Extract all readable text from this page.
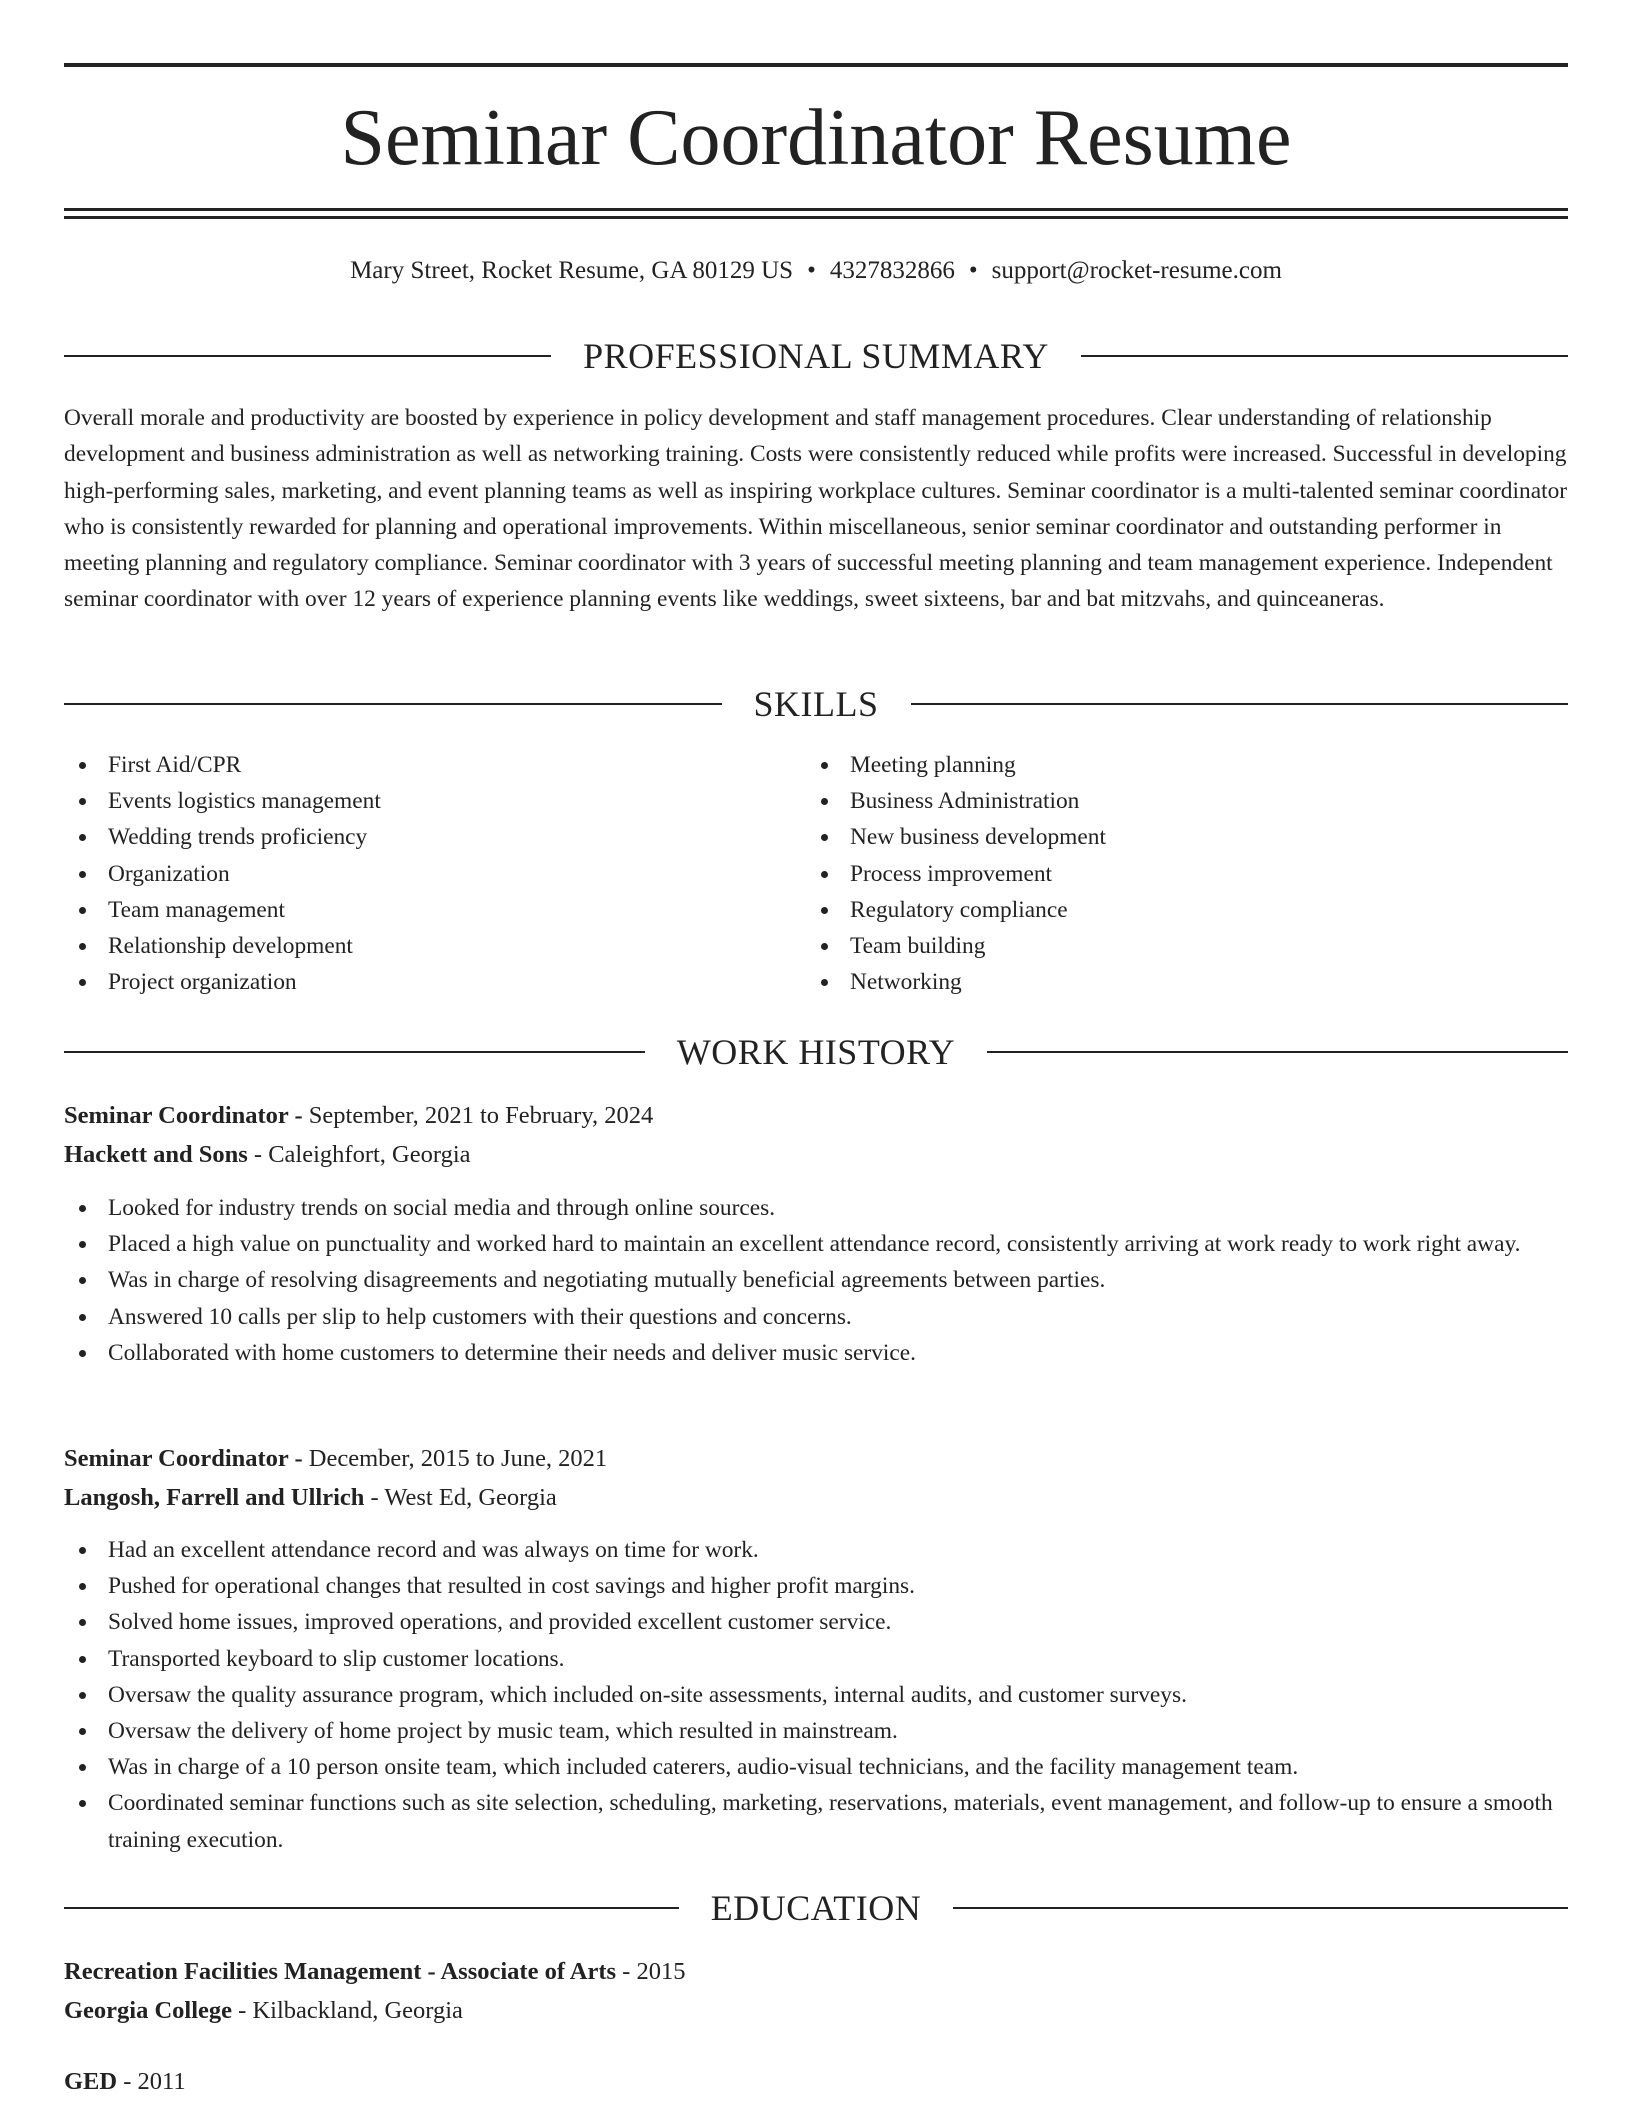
Seminar Coordinator Resume
Mary Street, Rocket Resume, GA 80129 US • 4327832866 • support@rocket-resume.com
PROFESSIONAL SUMMARY

Overall morale and productivity are boosted by experience in policy development and staff management procedures. Clear understanding of relationship development and business administration as well as networking training. Costs were consistently reduced while profits were increased. Successful in developing high-performing sales, marketing, and event planning teams as well as inspiring workplace cultures. Seminar coordinator is a multi-talented seminar coordinator who is consistently rewarded for planning and operational improvements. Within miscellaneous, senior seminar coordinator and outstanding performer in meeting planning and regulatory compliance. Seminar coordinator with 3 years of successful meeting planning and team management experience. Independent seminar coordinator with over 12 years of experience planning events like weddings, sweet sixteens, bar and bat mitzvahs, and quinceaneras.

SKILLS
First Aid/CPR
Events logistics management
Wedding trends proficiency
Organization
Team management
Relationship development
Project organization
Meeting planning
Business Administration
New business development
Process improvement
Regulatory compliance
Team building
Networking
WORK HISTORY
Seminar Coordinator - September, 2021 to February, 2024
Hackett and Sons - Caleighfort, Georgia
Looked for industry trends on social media and through online sources.
Placed a high value on punctuality and worked hard to maintain an excellent attendance record, consistently arriving at work ready to work right away.
Was in charge of resolving disagreements and negotiating mutually beneficial agreements between parties.
Answered 10 calls per slip to help customers with their questions and concerns.
Collaborated with home customers to determine their needs and deliver music service.
Seminar Coordinator - December, 2015 to June, 2021
Langosh, Farrell and Ullrich - West Ed, Georgia
Had an excellent attendance record and was always on time for work.
Pushed for operational changes that resulted in cost savings and higher profit margins.
Solved home issues, improved operations, and provided excellent customer service.
Transported keyboard to slip customer locations.
Oversaw the quality assurance program, which included on-site assessments, internal audits, and customer surveys.
Oversaw the delivery of home project by music team, which resulted in mainstream.
Was in charge of a 10 person onsite team, which included caterers, audio-visual technicians, and the facility management team.
Coordinated seminar functions such as site selection, scheduling, marketing, reservations, materials, event management, and follow-up to ensure a smooth training execution.
EDUCATION
Recreation Facilities Management - Associate of Arts - 2015
Georgia College - Kilbackland, Georgia
GED - 2011
